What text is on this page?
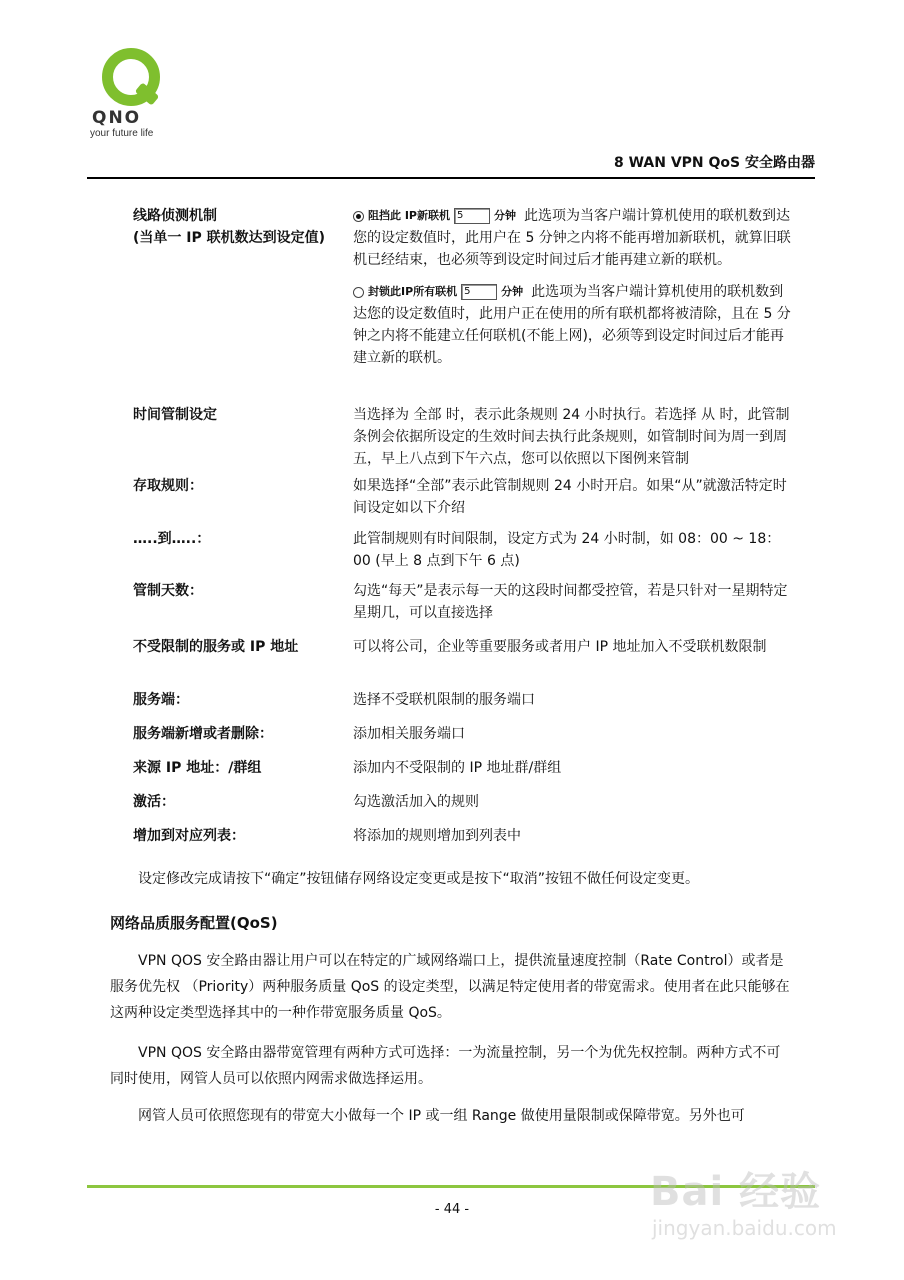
QNO
your future life
8 WAN VPN QoS 安全路由器
线路侦测机制
(当单一 IP 联机数达到设定值)
阻挡此 IP新联机 5	分钟 此选项为当客户端计算机使用的联机数到达您的设定数值时，此用户在 5 分钟之内将不能再增加新联机，就算旧联机已经结束，也必须等到设定时间过后才能再建立新的联机。
封锁此IP所有联机 5	分钟 此选项为当客户端计算机使用的联机数到达您的设定数值时，此用户正在使用的所有联机都将被清除，且在 5 分钟之内将不能建立任何联机(不能上网)，必须等到设定时间过后才能再建立新的联机。
时间管制设定	当选择为 全部 时，表示此条规则 24 小时执行。若选择 从 时，此管制条例会依据所设定的生效时间去执行此条规则，如管制时间为周一到周五，早上八点到下午六点，您可以依照以下图例来管制
存取规则：	如果选择“全部”表示此管制规则 24 小时开启。如果“从”就激活特定时间设定如以下介绍
…..到…..：	此管制规则有时间限制，设定方式为 24 小时制，如 08：00 ~ 18：00 (早上 8 点到下午 6 点)
管制天数：	勾选“每天”是表示每一天的这段时间都受控管，若是只针对一星期特定星期几，可以直接选择
不受限制的服务或 IP 地址	可以将公司，企业等重要服务或者用户 IP 地址加入不受联机数限制
服务端：	选择不受联机限制的服务端口
服务端新增或者删除：	添加相关服务端口
来源 IP 地址：/群组	添加内不受限制的 IP 地址群/群组
激活：	勾选激活加入的规则
增加到对应列表：	将添加的规则增加到列表中
设定修改完成请按下“确定”按钮储存网络设定变更或是按下“取消”按钮不做任何设定变更。
网络品质服务配置(QoS)
VPN QOS 安全路由器让用户可以在特定的广域网络端口上，提供流量速度控制（Rate Control）或者是服务优先权 （Priority）两种服务质量 QoS 的设定类型，以满足特定使用者的带宽需求。使用者在此只能够在这两种设定类型选择其中的一种作带宽服务质量 QoS。
VPN QOS 安全路由器带宽管理有两种方式可选择：一为流量控制，另一个为优先权控制。两种方式不可同时使用，网管人员可以依照内网需求做选择运用。
网管人员可依照您现有的带宽大小做每一个 IP 或一组 Range 做使用量限制或保障带宽。另外也可
- 44 -	Bai 经验
jingyan.baidu.com
